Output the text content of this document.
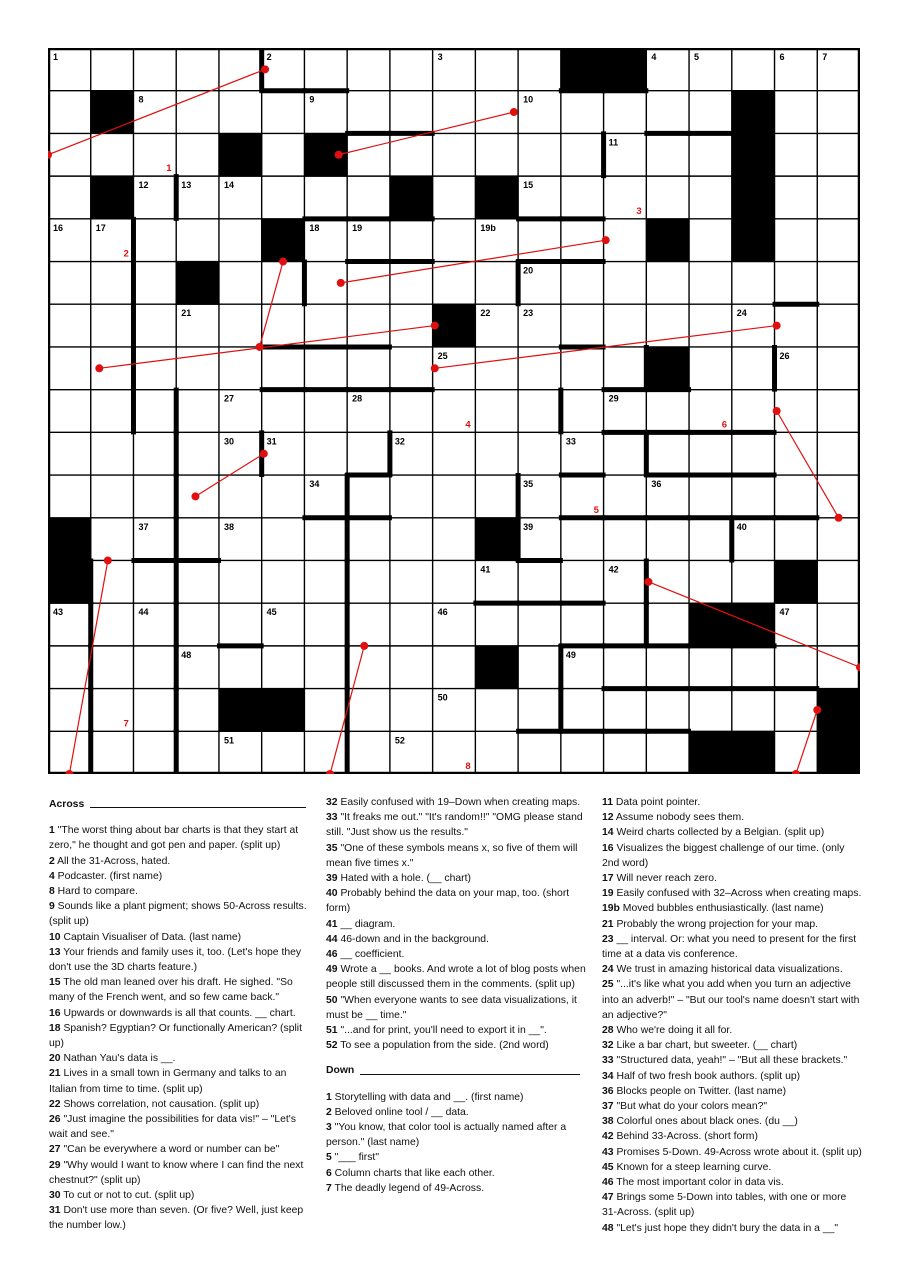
1	2	3	4	5	6	7
8	9	10
11
12	13	14	15
16	17	18	19	19b
20
21	22	23	24
25	26
27	28	29
30	31	32	33
34	35	36
37	38	39	40
41	42
43	44	45	46	47
48	49
50
51	52
1
2
3
4
5
6
7
8
Across

1 "The worst thing about bar charts is that they start at zero," he thought and got pen and paper. (split up)

2 All the 31-Across, hated.

4 Podcaster. (first name)

8 Hard to compare.

9 Sounds like a plant pigment; shows 50-Across results. (split up)

10 Captain Visualiser of Data. (last name)

13 Your friends and family uses it, too. (Let's hope they don't use the 3D charts feature.)

15 The old man leaned over his draft. He sighed. "So many of the French went, and so few came back."

16 Upwards or downwards is all that counts. __ chart.

18 Spanish? Egyptian? Or functionally American? (split up)

20 Nathan Yau's data is __.

21 Lives in a small town in Germany and talks to an Italian from time to time. (split up)

22 Shows correlation, not causation. (split up)

26 "Just imagine the possibilities for data vis!" – "Let's wait and see."

27 "Can be everywhere a word or number can be"

29 "Why would I want to know where I can find the next chestnut?" (split up)

30 To cut or not to cut. (split up)

31 Don't use more than seven. (Or five? Well, just keep the number low.)

32 Easily confused with 19–Down when creating maps.

33 "It freaks me out." "It's random!!" "OMG please stand still. "Just show us the results."

35 "One of these symbols means x, so five of them will mean five times x."

39 Hated with a hole. (__ chart)

40 Probably behind the data on your map, too. (short form)

41 __ diagram.

44 46-down and in the background.

46 __ coefficient.

49 Wrote a __ books. And wrote a lot of blog posts when people still discussed them in the comments. (split up)

50 "When everyone wants to see data visualizations, it must be __ time."

51 "...and for print, you'll need to export it in __".

52 To see a population from the side. (2nd word)

Down

1 Storytelling with data and __. (first name)

2 Beloved online tool / __ data.

3 "You know, that color tool is actually named after a person." (last name)

5 "___ first"

6 Column charts that like each other.

7 The deadly legend of 49-Across.

11 Data point pointer.

12 Assume nobody sees them.

14 Weird charts collected by a Belgian. (split up)

16 Visualizes the biggest challenge of our time. (only 2nd word)

17 Will never reach zero.

19 Easily confused with 32–Across when creating maps.

19b Moved bubbles enthusiastically. (last name)

21 Probably the wrong projection for your map.

23 __ interval. Or: what you need to present for the first time at a data vis conference.

24 We trust in amazing historical data visualizations.

25 "...it's like what you add when you turn an adjective into an adverb!" – "But our tool's name doesn't start with an adjective?"

28 Who we're doing it all for.

32 Like a bar chart, but sweeter. (__ chart)

33 "Structured data, yeah!" – "But all these brackets."

34 Half of two fresh book authors. (split up)

36 Blocks people on Twitter. (last name)

37 "But what do your colors mean?"

38 Colorful ones about black ones. (du __)

42 Behind 33-Across. (short form)

43 Promises 5-Down. 49-Across wrote about it. (split up)

45 Known for a steep learning curve.

46 The most important color in data vis.

47 Brings some 5-Down into tables, with one or more 31-Across. (split up)

48 "Let's just hope they didn't bury the data in a __"
